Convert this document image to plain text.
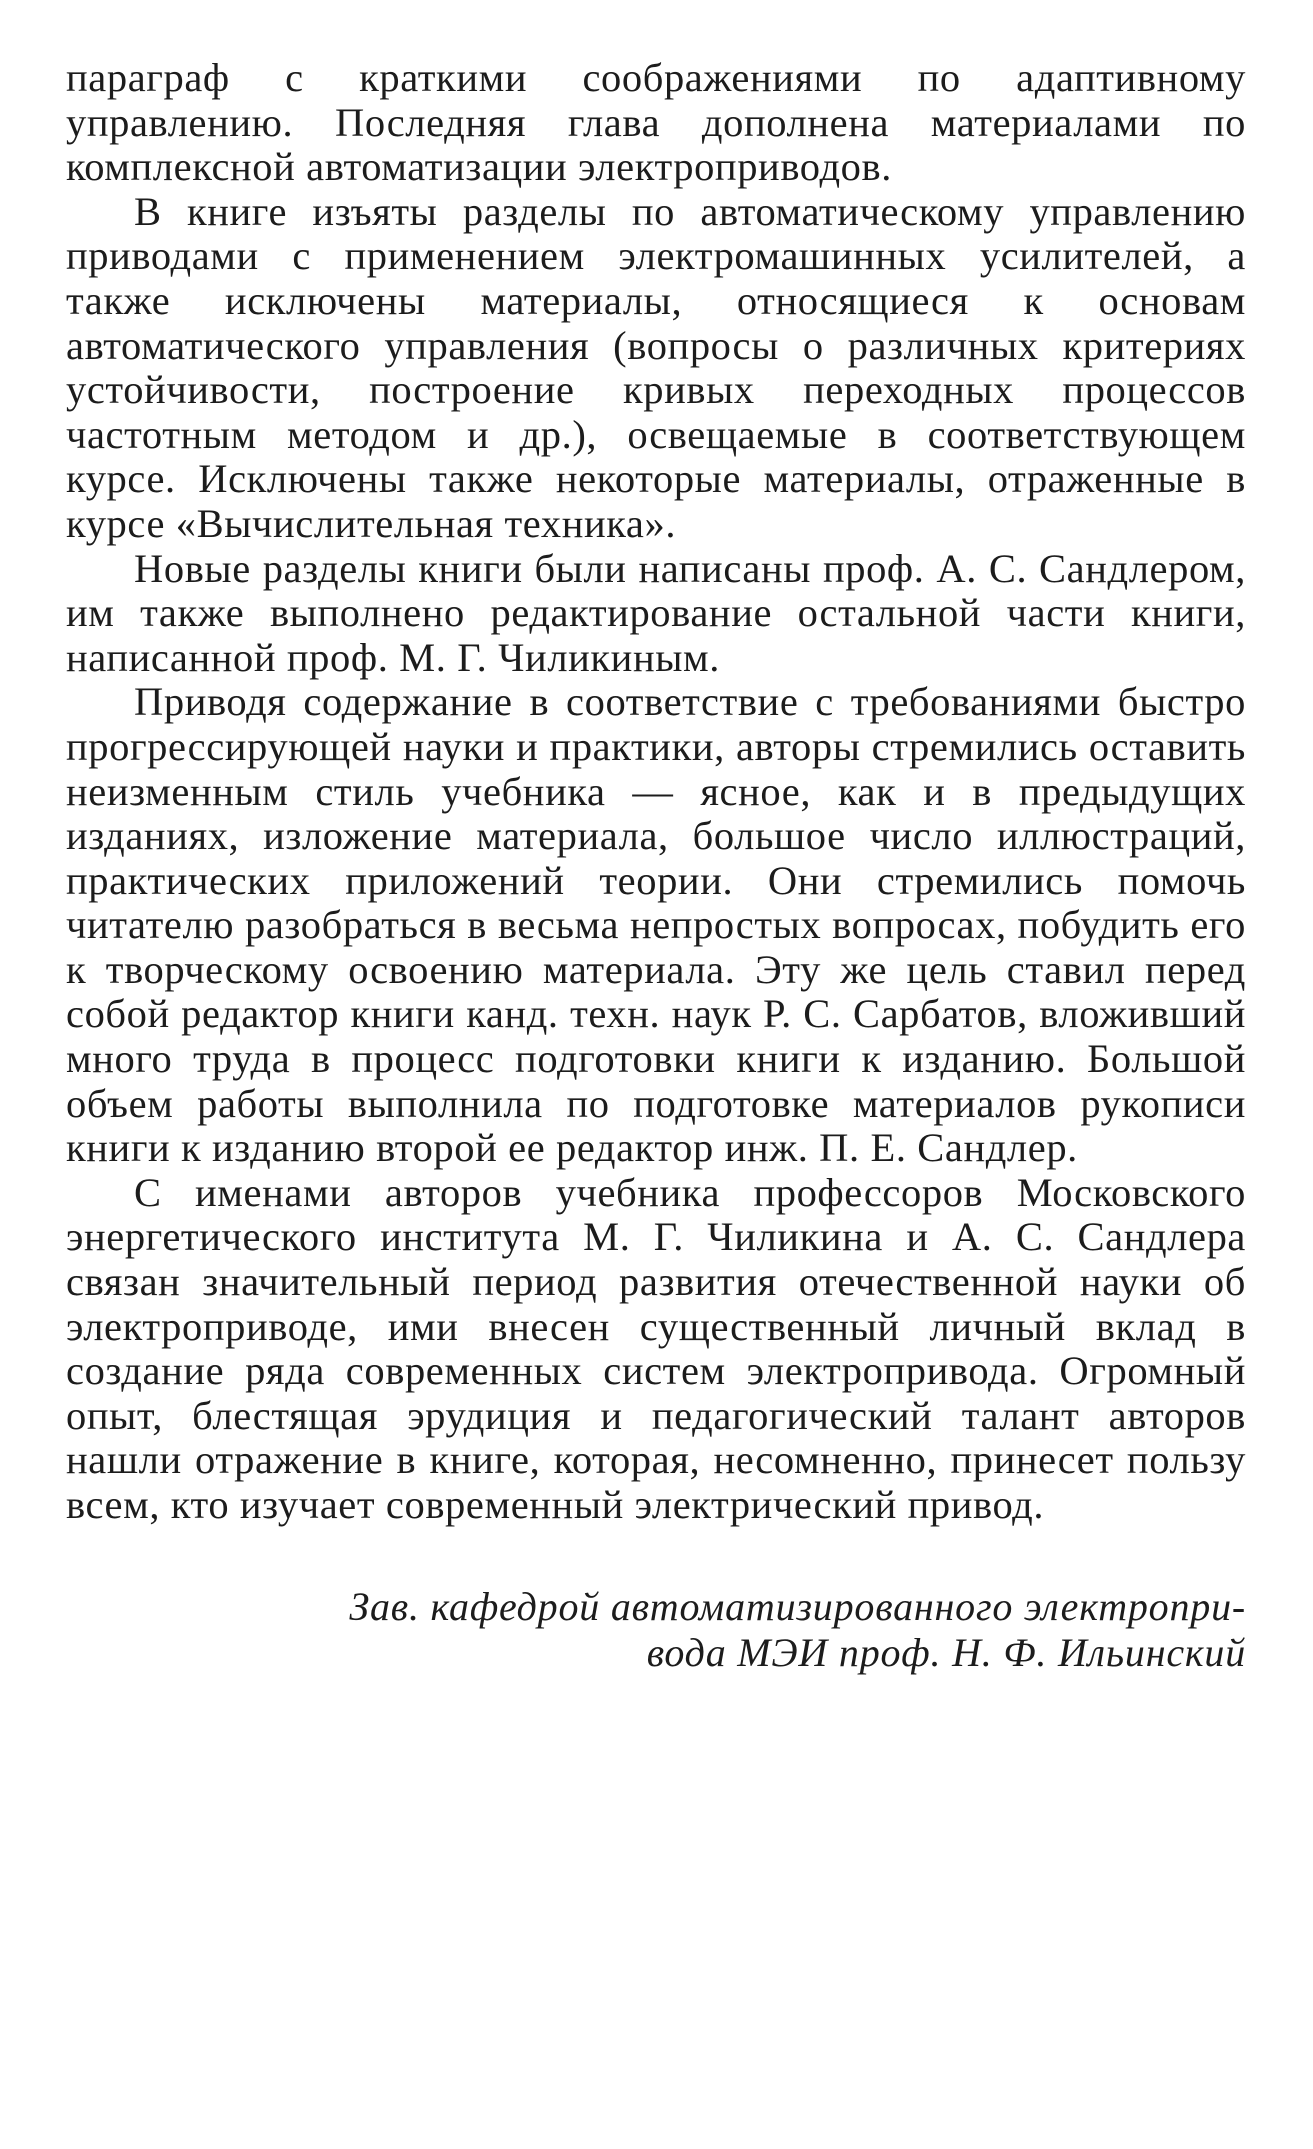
параграф с краткими соображениями по адаптивному управлению. Последняя глава дополнена материалами по комплексной автоматизации электроприводов.

В книге изъяты разделы по автоматическому управлению приводами с применением электромашинных усилителей, а также исключены материалы, относящиеся к основам автоматического управления (вопросы о различных критериях устойчивости, построение кривых переходных процессов частотным методом и др.), освещаемые в соответствующем курсе. Исключены также некоторые материалы, отраженные в курсе «Вычислительная техника».

Новые разделы книги были написаны проф. А. С. Сандлером, им также выполнено редактирование остальной части книги, написанной проф. М. Г. Чиликиным.

Приводя содержание в соответствие с требованиями быстро прогрессирующей науки и практики, авторы стремились оставить неизменным стиль учебника — ясное, как и в предыдущих изданиях, изложение материала, большое число иллюстраций, практических приложений теории. Они стремились помочь читателю разобраться в весьма непростых вопросах, побудить его к творческому освоению материала. Эту же цель ставил перед собой редактор книги канд. техн. наук Р. С. Сарбатов, вложивший много труда в процесс подготовки книги к изданию. Большой объем работы выполнила по подготовке материалов рукописи книги к изданию второй ее редактор инж. П. Е. Сандлер.

С именами авторов учебника профессоров Московского энергетического института М. Г. Чиликина и А. С. Сандлера связан значительный период развития отечественной науки об электроприводе, ими внесен существенный личный вклад в создание ряда современных систем электропривода. Огромный опыт, блестящая эрудиция и педагогический талант авторов нашли отражение в книге, которая, несомненно, принесет пользу всем, кто изучает современный электрический привод.

Зав. кафедрой автоматизированного электропри-
вода МЭИ проф. Н. Ф. Ильинский
